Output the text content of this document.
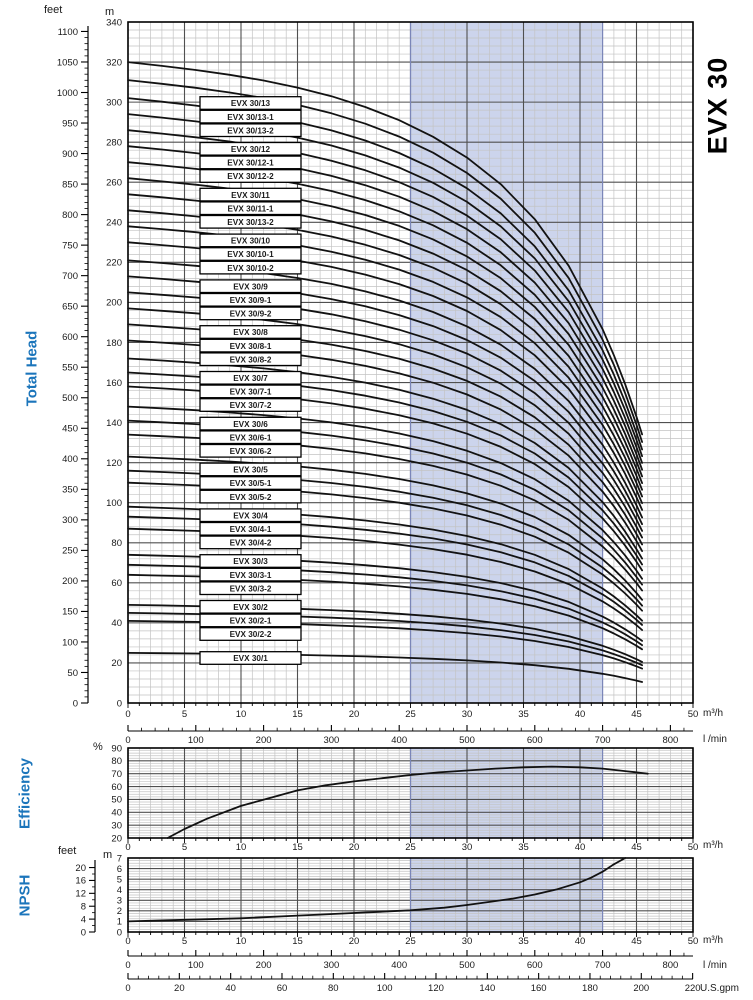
0
50
100
150
200
250
300
350
400
450
500
550
600
650
700
750
800
850
900
950
1000
1050
1100
0
20
40
60
80
100
120
140
160
180
200
220
240
260
280
300
320
340
EVX 30/13
EVX 30/13-1
EVX 30/13-2
EVX 30/12
EVX 30/12-1
EVX 30/12-2
EVX 30/11
EVX 30/11-1
EVX 30/13-2
EVX 30/10
EVX 30/10-1
EVX 30/10-2
EVX 30/9
EVX 30/9-1
EVX 30/9-2
EVX 30/8
EVX 30/8-1
EVX 30/8-2
EVX 30/7
EVX 30/7-1
EVX 30/7-2
EVX 30/6
EVX 30/6-1
EVX 30/6-2
EVX 30/5
EVX 30/5-1
EVX 30/5-2
EVX 30/4
EVX 30/4-1
EVX 30/4-2
EVX 30/3
EVX 30/3-1
EVX 30/3-2
EVX 30/2
EVX 30/2-1
EVX 30/2-2
EVX 30/1
0	5	10	15	20	25	30	35	40	45	50
0	100	200	300	400	500	600	700	800
90
80
70
60
50
40
30
20
0	5	10	15	20	25	30	35	40	45	50
7
6
5
4
3
2
1
0
20
16
12
8
4
0
0	5	10	15	20	25	30	35	40	45	50
0	100	200	300	400	500	600	700	800
0	20	40	60	80	100	120	140	160	180	200	220
feet	m
EVX 30
Total Head
Efficiency
NPSH
%
feet m
m³/h
l /min
m³/h
m³/h
l /min
U.S.gpm
